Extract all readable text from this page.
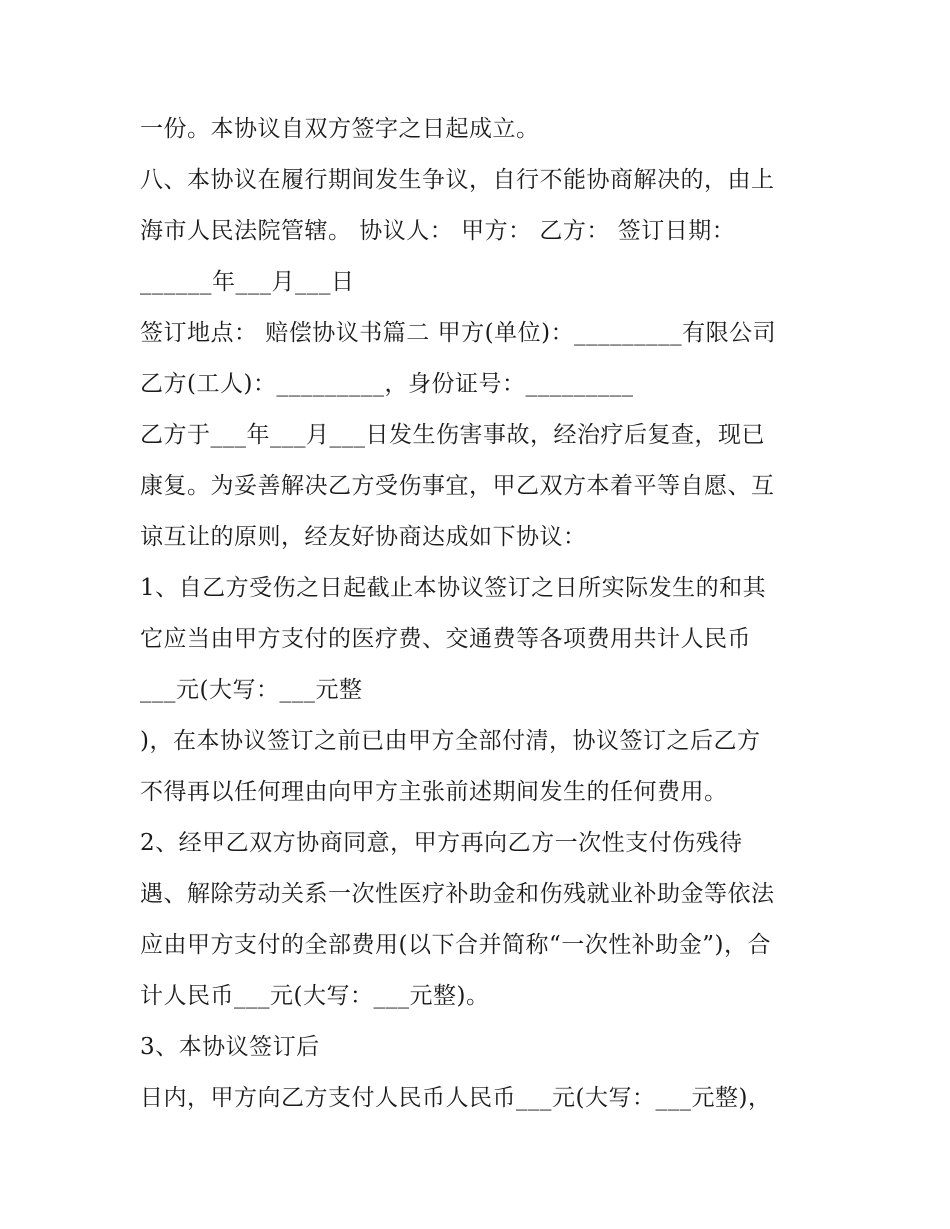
一份。本协议自双方签字之日起成立。

八、本协议在履行期间发生争议，自行不能协商解决的，由上

海市人民法院管辖。 协议人： 甲方： 乙方： 签订日期：

______年___月___日

签订地点： 赔偿协议书篇二 甲方(单位)：_________有限公司

乙方(工人)：_________，身份证号：_________

乙方于___年___月___日发生伤害事故，经治疗后复查，现已

康复。为妥善解决乙方受伤事宜，甲乙双方本着平等自愿、互

谅互让的原则，经友好协商达成如下协议：

1、自乙方受伤之日起截止本协议签订之日所实际发生的和其

它应当由甲方支付的医疗费、交通费等各项费用共计人民币

___元(大写：___元整

)，在本协议签订之前已由甲方全部付清，协议签订之后乙方

不得再以任何理由向甲方主张前述期间发生的任何费用。

2、经甲乙双方协商同意，甲方再向乙方一次性支付伤残待

遇、解除劳动关系一次性医疗补助金和伤残就业补助金等依法

应由甲方支付的全部费用(以下合并简称“一次性补助金”)，合

计人民币___元(大写：___元整)。

3、本协议签订后

日内，甲方向乙方支付人民币人民币___元(大写：___元整)，
